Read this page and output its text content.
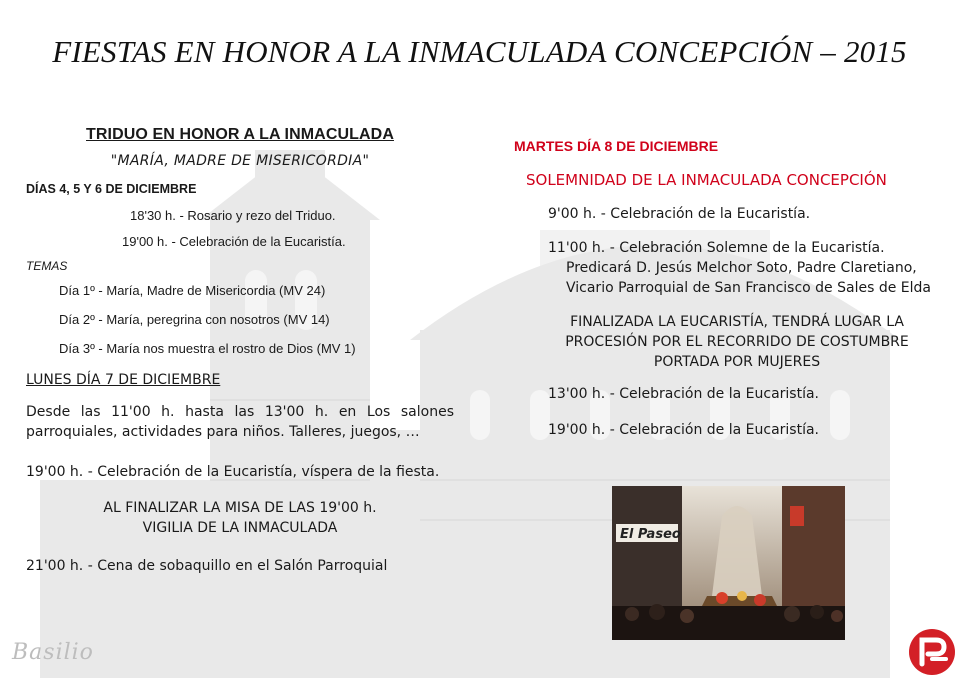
FIESTAS EN HONOR A LA INMACULADA CONCEPCIÓN – 2015
TRIDUO EN HONOR A LA INMACULADA
"MARÍA, MADRE DE MISERICORDIA"
DÍAS 4, 5 Y 6 DE DICIEMBRE
18'30 h. - Rosario y rezo del Triduo.
19'00 h. - Celebración de la Eucaristía.
TEMAS
Día 1º - María, Madre de Misericordia (MV 24)
Día 2º - María, peregrina con nosotros (MV 14)
Día 3º - María nos muestra el rostro de Dios (MV 1)
LUNES DÍA 7 DE DICIEMBRE
Desde las 11'00 h. hasta las 13'00 h. en Los salones parroquiales, actividades para niños. Talleres, juegos, …
19'00 h. - Celebración de la Eucaristía, víspera de la fiesta.
AL FINALIZAR LA MISA DE LAS 19'00 h.
VIGILIA DE LA INMACULADA
21'00 h. - Cena de sobaquillo en el Salón Parroquial
MARTES DÍA 8 DE DICIEMBRE
SOLEMNIDAD DE LA INMACULADA CONCEPCIÓN
9'00 h. - Celebración de la Eucaristía.
11'00 h. - Celebración Solemne de la Eucaristía.
Predicará D. Jesús Melchor Soto, Padre Claretiano,
Vicario Parroquial de San Francisco de Sales de Elda
FINALIZADA LA EUCARISTÍA, TENDRÁ LUGAR LA
PROCESIÓN POR EL RECORRIDO DE COSTUMBRE
PORTADA POR MUJERES
13'00 h. - Celebración de la Eucaristía.
19'00 h. - Celebración de la Eucaristía.
El Paseo
Basilio
